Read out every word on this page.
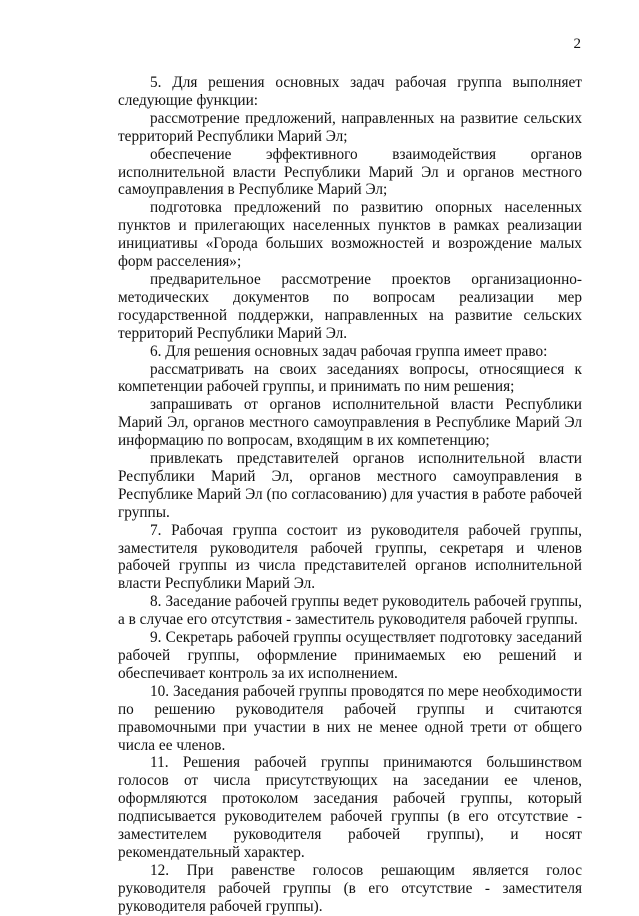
2

5. Для решения основных задач рабочая группа выполняет следующие функции:

рассмотрение предложений, направленных на развитие сельских территорий Республики Марий Эл;

обеспечение эффективного взаимодействия органов исполнительной власти Республики Марий Эл и органов местного самоуправления в Республике Марий Эл;

подготовка предложений по развитию опорных населенных пунктов и прилегающих населенных пунктов в рамках реализации инициативы «Города больших возможностей и возрождение малых форм расселения»;

предварительное рассмотрение проектов организационно-методических документов по вопросам реализации мер государственной поддержки, направленных на развитие сельских территорий Республики Марий Эл.

6. Для решения основных задач рабочая группа имеет право:

рассматривать на своих заседаниях вопросы, относящиеся к компетенции рабочей группы, и принимать по ним решения;

запрашивать от органов исполнительной власти Республики Марий Эл, органов местного самоуправления в Республике Марий Эл информацию по вопросам, входящим в их компетенцию;

привлекать представителей органов исполнительной власти Республики Марий Эл, органов местного самоуправления в Республике Марий Эл (по согласованию) для участия в работе рабочей группы.

7. Рабочая группа состоит из руководителя рабочей группы, заместителя руководителя рабочей группы, секретаря и членов рабочей группы из числа представителей органов исполнительной власти Республики Марий Эл.

8. Заседание рабочей группы ведет руководитель рабочей группы, а в случае его отсутствия - заместитель руководителя рабочей группы.

9. Секретарь рабочей группы осуществляет подготовку заседаний рабочей группы, оформление принимаемых ею решений и обеспечивает контроль за их исполнением.

10. Заседания рабочей группы проводятся по мере необходимости по решению руководителя рабочей группы и считаются правомочными при участии в них не менее одной трети от общего числа ее членов.

11. Решения рабочей группы принимаются большинством голосов от числа присутствующих на заседании ее членов, оформляются протоколом заседания рабочей группы, который подписывается руководителем рабочей группы (в его отсутствие - заместителем руководителя рабочей группы), и носят рекомендательный характер.

12. При равенстве голосов решающим является голос руководителя рабочей группы (в его отсутствие - заместителя руководителя рабочей группы).
